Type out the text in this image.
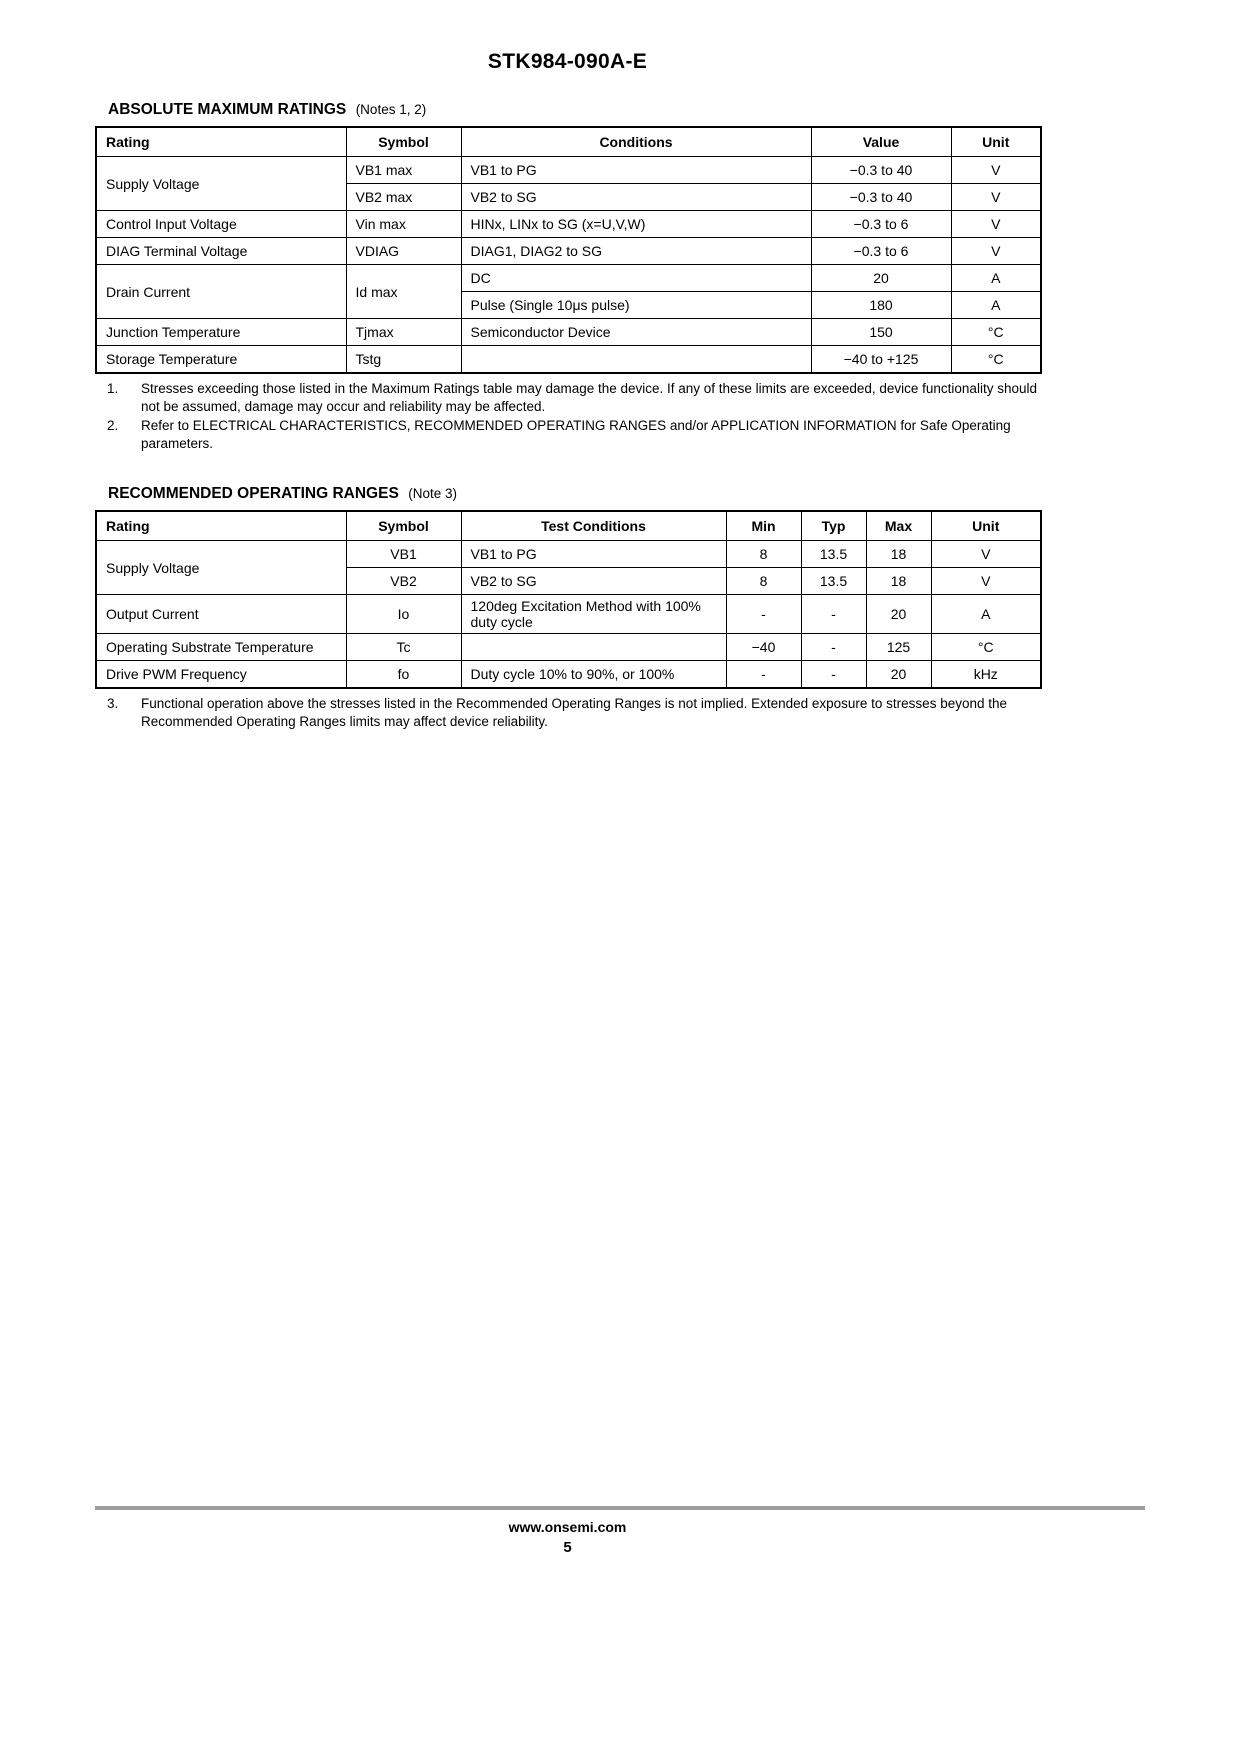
STK984-090A-E
ABSOLUTE MAXIMUM RATINGS (Notes 1, 2)
Rating	Symbol	Conditions	Value	Unit
Supply Voltage	VB1 max	VB1 to PG	−0.3 to 40	V
	VB2 max	VB2 to SG	−0.3 to 40	V
Control Input Voltage	Vin max	HINx, LINx to SG (x=U,V,W)	−0.3 to 6	V
DIAG Terminal Voltage	VDIAG	DIAG1, DIAG2 to SG	−0.3 to 6	V
Drain Current	Id max	DC	20	A
		Pulse (Single 10μs pulse)	180	A
Junction Temperature	Tjmax	Semiconductor Device	150	°C
Storage Temperature	Tstg		−40 to +125	°C
1.	Stresses exceeding those listed in the Maximum Ratings table may damage the device. If any of these limits are exceeded, device functionality should not be assumed, damage may occur and reliability may be affected.
2.	Refer to ELECTRICAL CHARACTERISTICS, RECOMMENDED OPERATING RANGES and/or APPLICATION INFORMATION for Safe Operating parameters.
RECOMMENDED OPERATING RANGES (Note 3)
Rating	Symbol	Test Conditions	Min	Typ	Max	Unit
Supply Voltage	VB1	VB1 to PG	8	13.5	18	V
	VB2	VB2 to SG	8	13.5	18	V
Output Current	Io	120deg Excitation Method with 100% duty cycle	-	-	20	A
Operating Substrate Temperature	Tc		−40	-	125	°C
Drive PWM Frequency	fo	Duty cycle 10% to 90%, or 100%	-	-	20	kHz
3.	Functional operation above the stresses listed in the Recommended Operating Ranges is not implied. Extended exposure to stresses beyond the Recommended Operating Ranges limits may affect device reliability.
www.onsemi.com
5
